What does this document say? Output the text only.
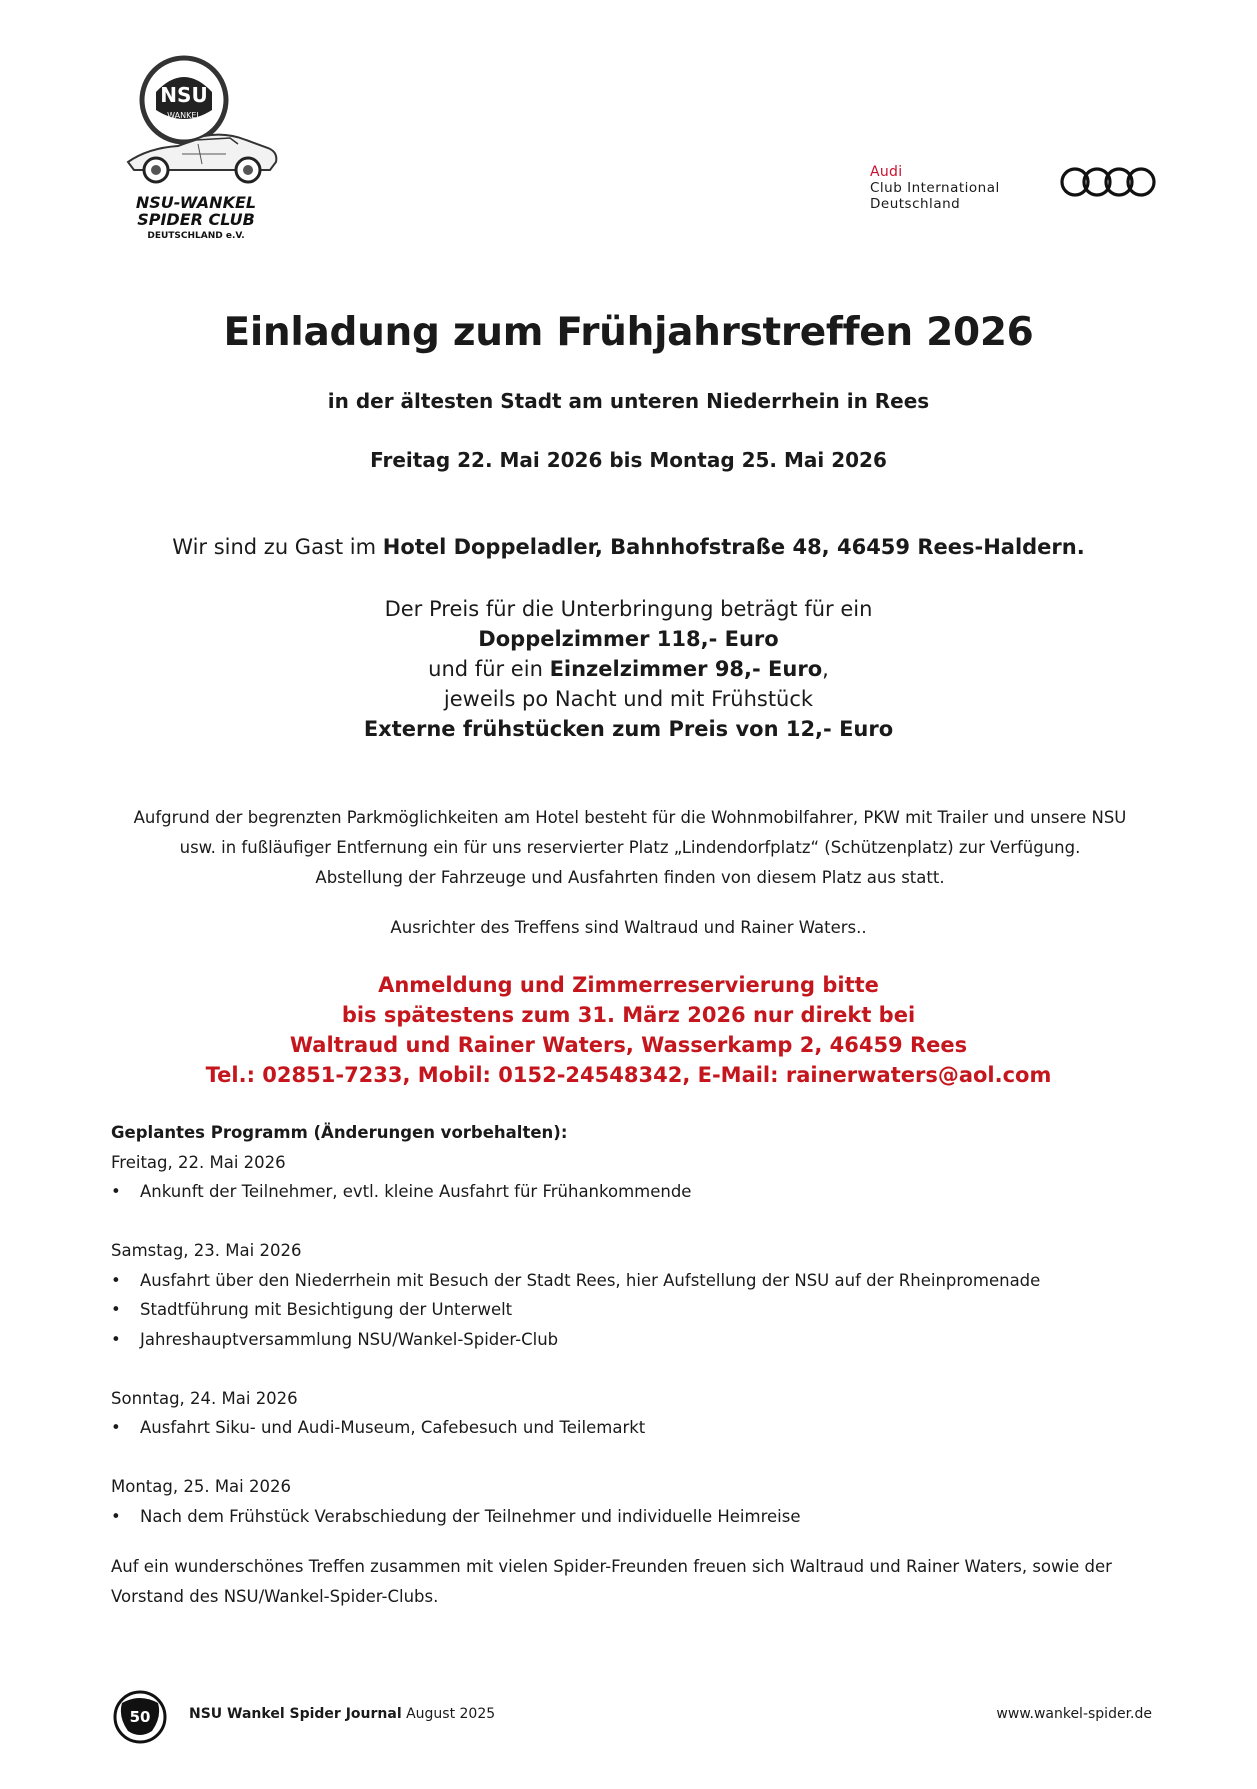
NSU
WANKEL
NSU-WANKEL
SPIDER CLUB
DEUTSCHLAND e.V.
Audi
Club International
Deutschland
Einladung zum Frühjahrstreffen 2026
in der ältesten Stadt am unteren Niederrhein in Rees
Freitag 22. Mai 2026 bis Montag 25. Mai 2026
Wir sind zu Gast im Hotel Doppeladler, Bahnhofstraße 48, 46459 Rees-Haldern.
Der Preis für die Unterbringung beträgt für ein
Doppelzimmer 118,- Euro
und für ein Einzelzimmer 98,- Euro,
jeweils po Nacht und mit Frühstück
Externe frühstücken zum Preis von 12,- Euro
Aufgrund der begrenzten Parkmöglichkeiten am Hotel besteht für die Wohnmobilfahrer, PKW mit Trailer und unsere NSU
usw. in fußläufiger Entfernung ein für uns reservierter Platz „Lindendorfplatz“ (Schützenplatz) zur Verfügung.
Abstellung der Fahrzeuge und Ausfahrten finden von diesem Platz aus statt.
Ausrichter des Treffens sind Waltraud und Rainer Waters..
Anmeldung und Zimmerreservierung bitte
bis spätestens zum 31. März 2026 nur direkt bei
Waltraud und Rainer Waters, Wasserkamp 2, 46459 Rees
Tel.: 02851-7233, Mobil: 0152-24548342, E-Mail: rainerwaters@aol.com
Geplantes Programm (Änderungen vorbehalten):
Freitag, 22. Mai 2026
• Ankunft der Teilnehmer, evtl. kleine Ausfahrt für Frühankommende
Samstag, 23. Mai 2026
• Ausfahrt über den Niederrhein mit Besuch der Stadt Rees, hier Aufstellung der NSU auf der Rheinpromenade
• Stadtführung mit Besichtigung der Unterwelt
• Jahreshauptversammlung NSU/Wankel-Spider-Club
Sonntag, 24. Mai 2026
• Ausfahrt Siku- und Audi-Museum, Cafebesuch und Teilemarkt
Montag, 25. Mai 2026
• Nach dem Frühstück Verabschiedung der Teilnehmer und individuelle Heimreise
Auf ein wunderschönes Treffen zusammen mit vielen Spider-Freunden freuen sich Waltraud und Rainer Waters, sowie der
Vorstand des NSU/Wankel-Spider-Clubs.
50	NSU Wankel Spider Journal August 2025	www.wankel-spider.de
